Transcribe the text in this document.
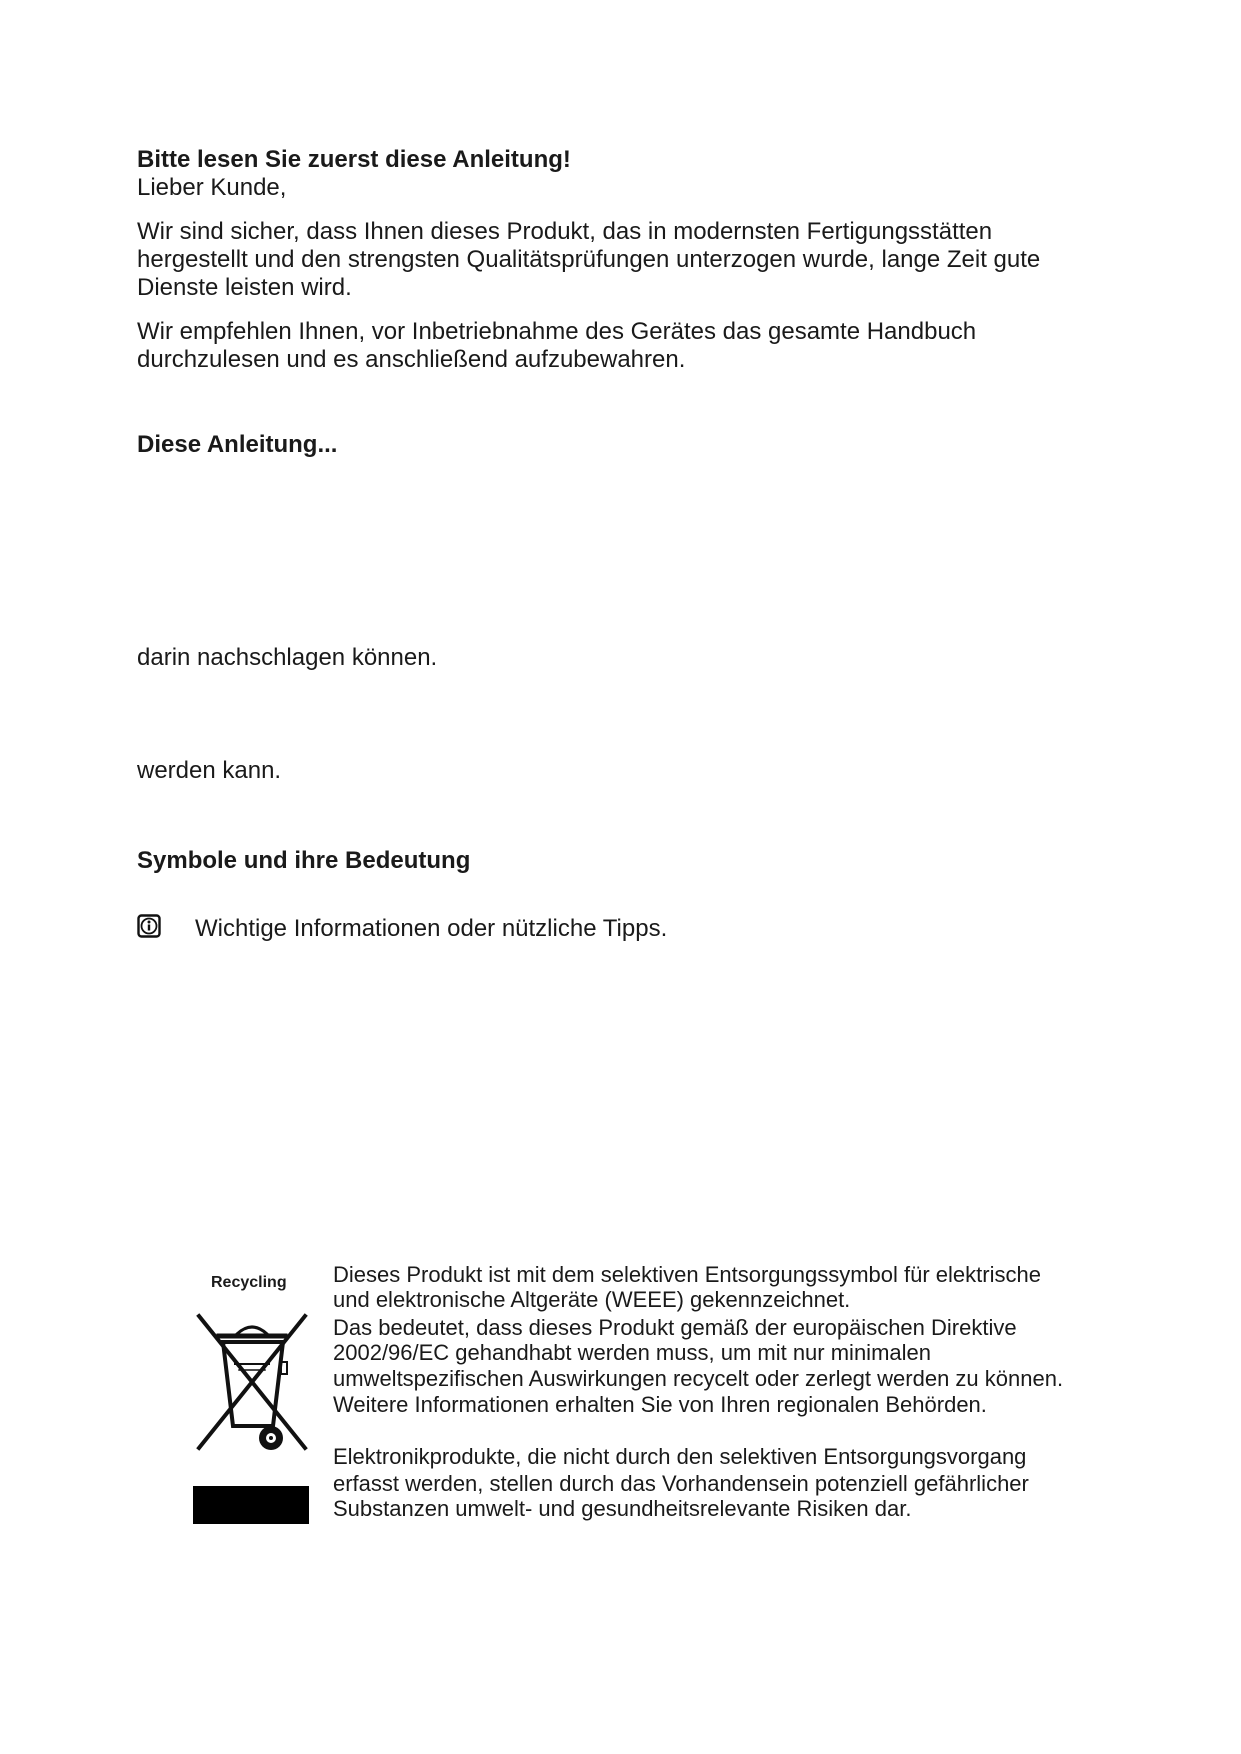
Bitte lesen Sie zuerst diese Anleitung!
Lieber Kunde,
Wir sind sicher, dass Ihnen dieses Produkt, das in modernsten Fertigungsstätten
hergestellt und den strengsten Qualitätsprüfungen unterzogen wurde, lange Zeit gute
Dienste leisten wird.
Wir empfehlen Ihnen, vor Inbetriebnahme des Gerätes das gesamte Handbuch
durchzulesen und es anschließend aufzubewahren.
Diese Anleitung...
darin nachschlagen können.
werden kann.
Symbole und ihre Bedeutung
Wichtige Informationen oder nützliche Tipps.
Recycling Dieses Produkt ist mit dem selektiven Entsorgungssymbol für elektrische
und elektronische Altgeräte (WEEE) gekennzeichnet.
Das bedeutet, dass dieses Produkt gemäß der europäischen Direktive
2002/96/EC gehandhabt werden muss, um mit nur minimalen
umweltspezifischen Auswirkungen recycelt oder zerlegt werden zu können.
Weitere Informationen erhalten Sie von Ihren regionalen Behörden.
Elektronikprodukte, die nicht durch den selektiven Entsorgungsvorgang
erfasst werden, stellen durch das Vorhandensein potenziell gefährlicher
Substanzen umwelt- und gesundheitsrelevante Risiken dar.
